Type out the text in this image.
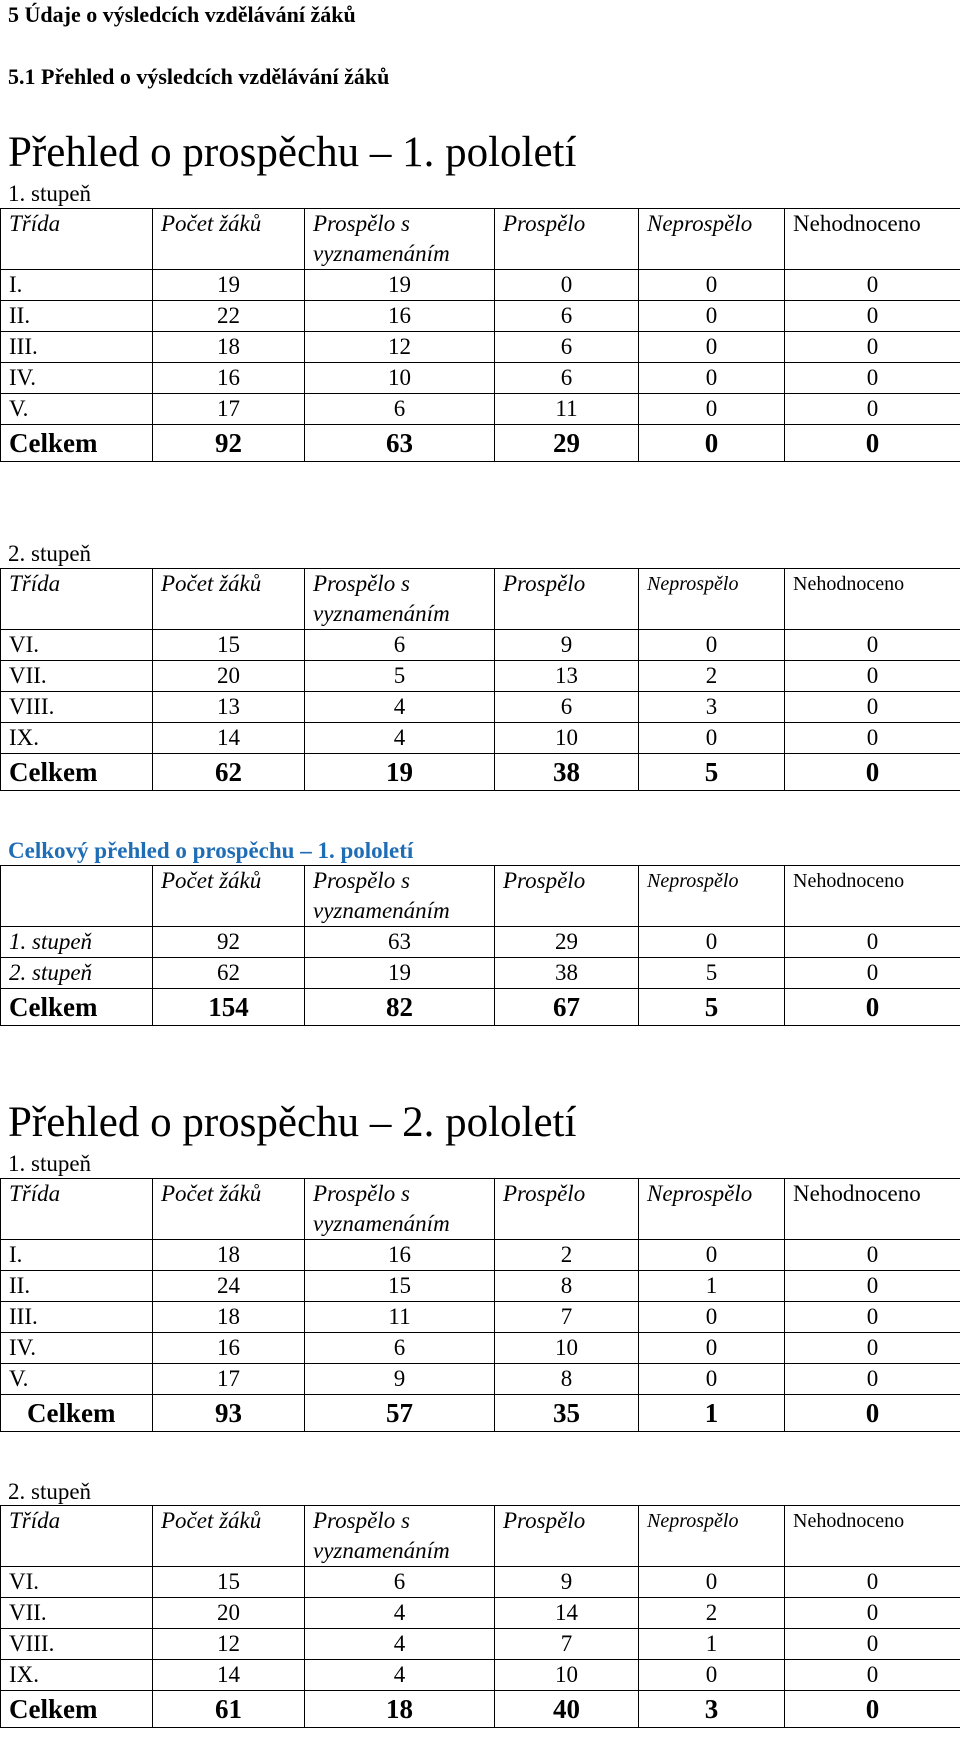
5 Údaje o výsledcích vzdělávání žáků
5.1 Přehled o výsledcích vzdělávání žáků
Přehled o prospěchu – 1. pololetí
1. stupeň
Třída	Počet žáků	Prospělo s vyznamenáním	Prospělo	Neprospělo	Nehodnoceno
I.	19	19	0	0	0
II.	22	16	6	0	0
III.	18	12	6	0	0
IV.	16	10	6	0	0
V.	17	6	11	0	0
Celkem	92	63	29	0	0
2. stupeň
Třída	Počet žáků	Prospělo s vyznamenáním	Prospělo	Neprospělo	Nehodnoceno
VI.	15	6	9	0	0
VII.	20	5	13	2	0
VIII.	13	4	6	3	0
IX.	14	4	10	0	0
Celkem	62	19	38	5	0
Celkový přehled o prospěchu – 1. pololetí
	Počet žáků	Prospělo s vyznamenáním	Prospělo	Neprospělo	Nehodnoceno
1. stupeň	92	63	29	0	0
2. stupeň	62	19	38	5	0
Celkem	154	82	67	5	0
Přehled o prospěchu – 2. pololetí
1. stupeň
Třída	Počet žáků	Prospělo s vyznamenáním	Prospělo	Neprospělo	Nehodnoceno
I.	18	16	2	0	0
II.	24	15	8	1	0
III.	18	11	7	0	0
IV.	16	6	10	0	0
V.	17	9	8	0	0
Celkem	93	57	35	1	0
2. stupeň
Třída	Počet žáků	Prospělo s vyznamenáním	Prospělo	Neprospělo	Nehodnoceno
VI.	15	6	9	0	0
VII.	20	4	14	2	0
VIII.	12	4	7	1	0
IX.	14	4	10	0	0
Celkem	61	18	40	3	0
